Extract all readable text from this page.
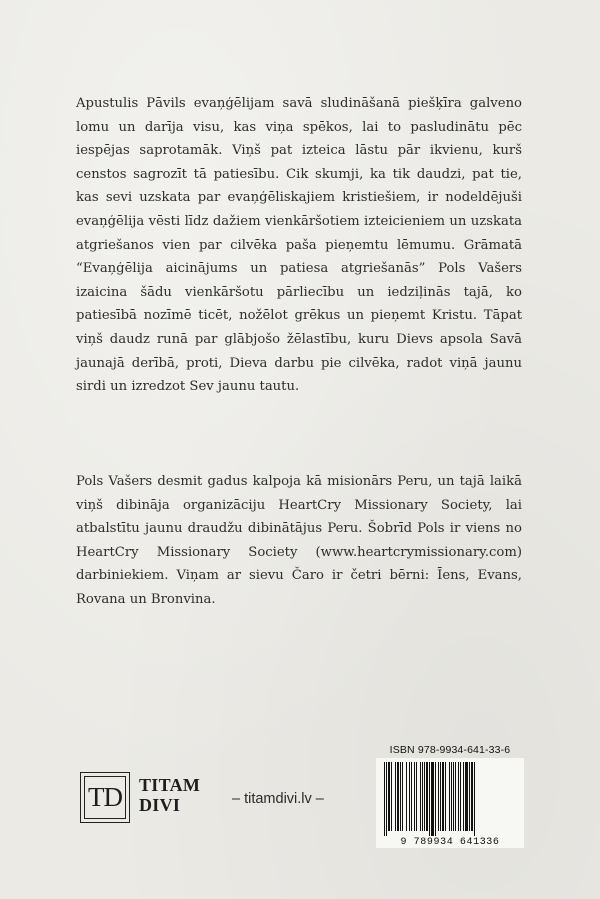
Apustulis Pāvils evaņģēlijam savā sludināšanā piešķīra galveno lomu un darīja visu, kas viņa spēkos, lai to pasludinātu pēc iespējas saprotamāk. Viņš pat izteica lāstu pār ikvienu, kurš censtos sagrozīt tā patiesību. Cik skumji, ka tik daudzi, pat tie, kas sevi uzskata par evaņģēliskajiem kristiešiem, ir nodeldējuši evaņģēlija vēsti līdz dažiem vienkāršotiem izteicieniem un uzskata atgriešanos vien par cilvēka paša pieņemtu lēmumu. Grāmatā “Evaņģēlija aicinājums un patiesa atgriešanās” Pols Vašers izaicina šādu vienkāršotu pārliecību un iedziļinās tajā, ko patiesībā nozīmē ticēt, nožēlot grēkus un pieņemt Kristu. Tāpat viņš daudz runā par glābjošo žēlastību, kuru Dievs apsola Savā jaunajā derībā, proti, Dieva darbu pie cilvēka, radot viņā jaunu sirdi un izredzot Sev jaunu tautu.

Pols Vašers desmit gadus kalpoja kā misionārs Peru, un tajā laikā viņš dibināja organizāciju HeartCry Missionary Society, lai atbalstītu jaunu draudžu dibinātājus Peru. Šobrīd Pols ir viens no HeartCry Missionary Society (www.heartcrymissionary.com) darbiniekiem. Viņam ar sievu Čaro ir četri bērni: Īens, Evans, Rovana un Bronvina.

TD TITAM
DIVI	– titamdivi.lv –
ISBN 978-9934-641-33-6
9 789934 641336
